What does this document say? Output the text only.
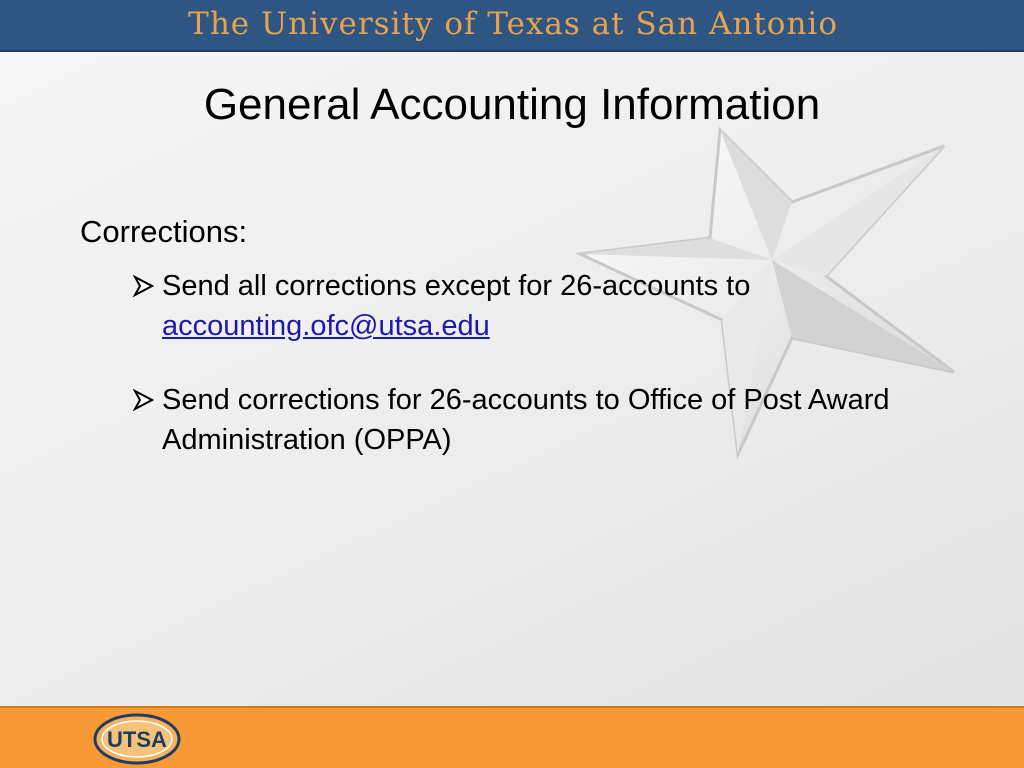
The University of Texas at San Antonio
General Accounting Information
Corrections:
Send all corrections except for 26-accounts to
accounting.ofc@utsa.edu
Send corrections for 26-accounts to Office of Post Award Administration (OPPA)
UTSA
